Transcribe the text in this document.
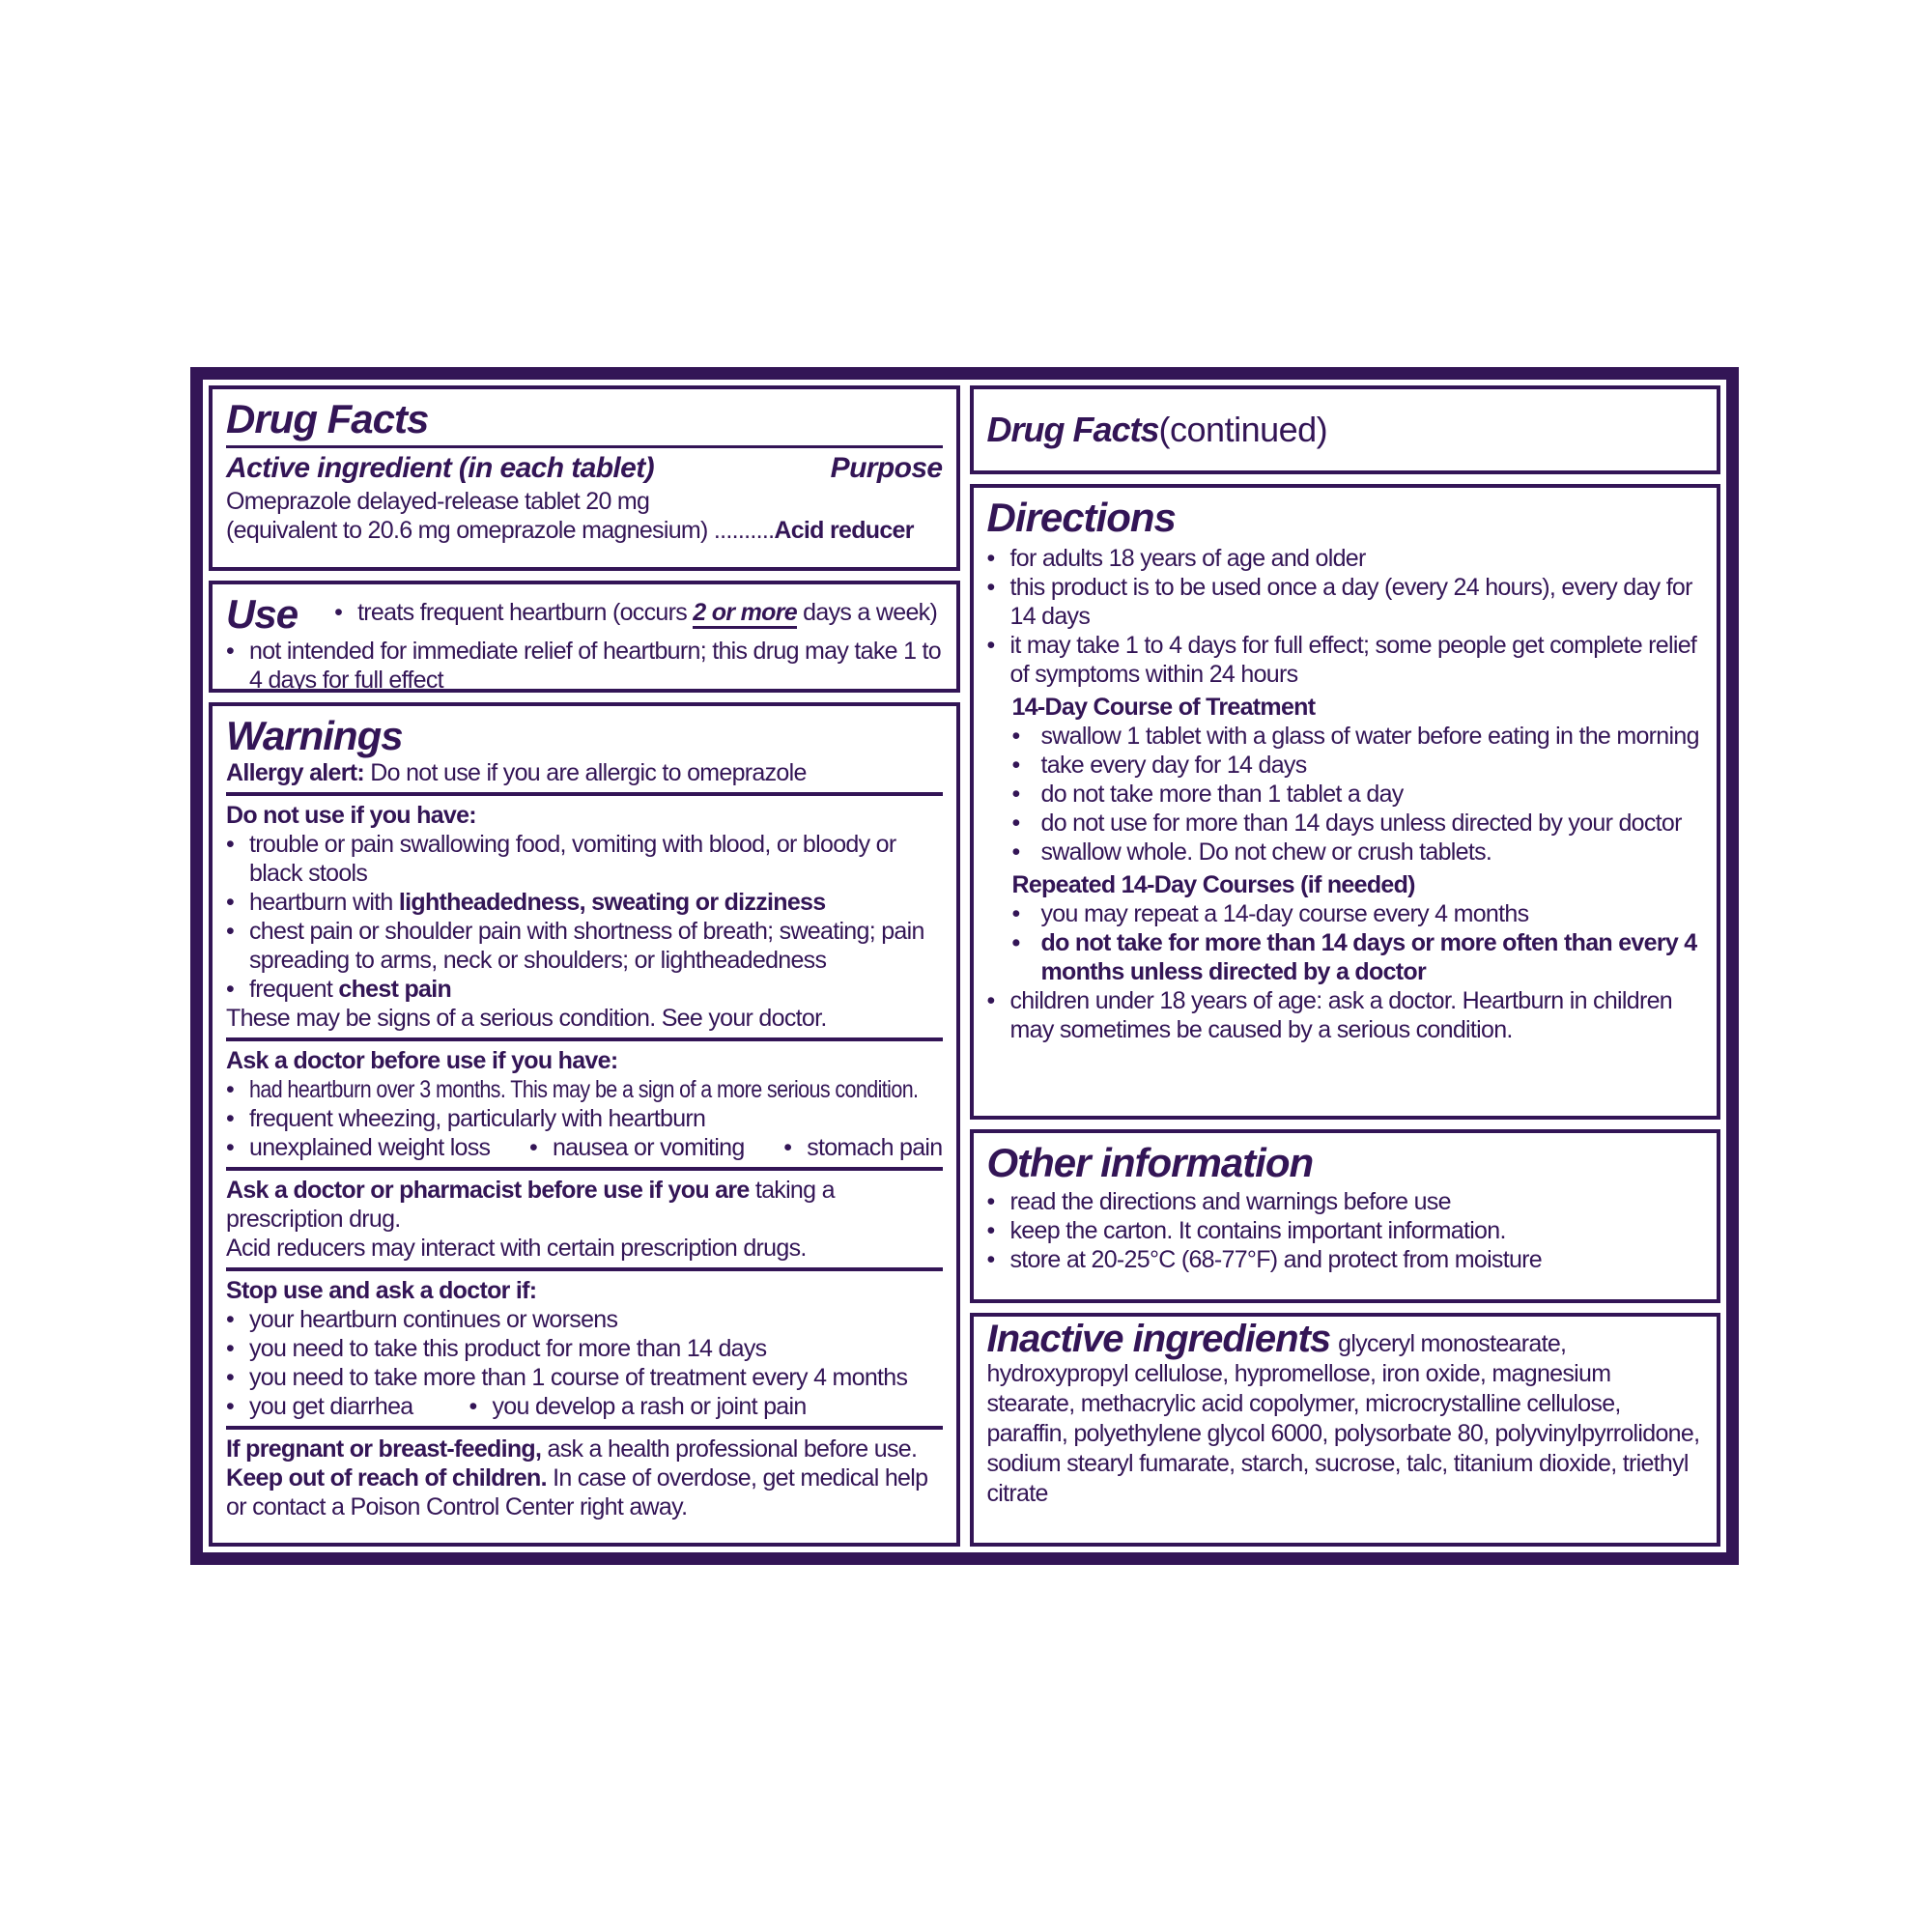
Drug Facts
Active ingredient (in each tablet)	Purpose
Omeprazole delayed-release tablet 20 mg
(equivalent to 20.6 mg omeprazole magnesium) ..........Acid reducer
Use • treats frequent heartburn (occurs 2 or more days a week)
• not intended for immediate relief of heartburn; this drug may take 1 to 4 days for full effect
Warnings
Allergy alert: Do not use if you are allergic to omeprazole
Do not use if you have:
• trouble or pain swallowing food, vomiting with blood, or bloody or black stools
• heartburn with lightheadedness, sweating or dizziness
• chest pain or shoulder pain with shortness of breath; sweating; pain spreading to arms, neck or shoulders; or lightheadedness
• frequent chest pain
These may be signs of a serious condition. See your doctor.
Ask a doctor before use if you have:
• had heartburn over 3 months. This may be a sign of a more serious condition.
• frequent wheezing, particularly with heartburn
• unexplained weight loss • nausea or vomiting • stomach pain
Ask a doctor or pharmacist before use if you are taking a prescription drug.
Acid reducers may interact with certain prescription drugs.
Stop use and ask a doctor if:
• your heartburn continues or worsens
• you need to take this product for more than 14 days
• you need to take more than 1 course of treatment every 4 months
• you get diarrhea • you develop a rash or joint pain
If pregnant or breast-feeding, ask a health professional before use.
Keep out of reach of children. In case of overdose, get medical help or contact a Poison Control Center right away.
Drug Facts (continued)
Directions
• for adults 18 years of age and older
• this product is to be used once a day (every 24 hours), every day for 14 days
• it may take 1 to 4 days for full effect; some people get complete relief of symptoms within 24 hours
14-Day Course of Treatment
• swallow 1 tablet with a glass of water before eating in the morning
• take every day for 14 days
• do not take more than 1 tablet a day
• do not use for more than 14 days unless directed by your doctor
• swallow whole. Do not chew or crush tablets.
Repeated 14-Day Courses (if needed)
• you may repeat a 14-day course every 4 months
• do not take for more than 14 days or more often than every 4 months unless directed by a doctor
• children under 18 years of age: ask a doctor. Heartburn in children may sometimes be caused by a serious condition.
Other information
• read the directions and warnings before use
• keep the carton. It contains important information.
• store at 20-25°C (68-77°F) and protect from moisture
Inactive ingredients glyceryl monostearate, hydroxypropyl cellulose, hypromellose, iron oxide, magnesium stearate, methacrylic acid copolymer, microcrystalline cellulose, paraffin, polyethylene glycol 6000, polysorbate 80, polyvinylpyrrolidone, sodium stearyl fumarate, starch, sucrose, talc, titanium dioxide, triethyl citrate
